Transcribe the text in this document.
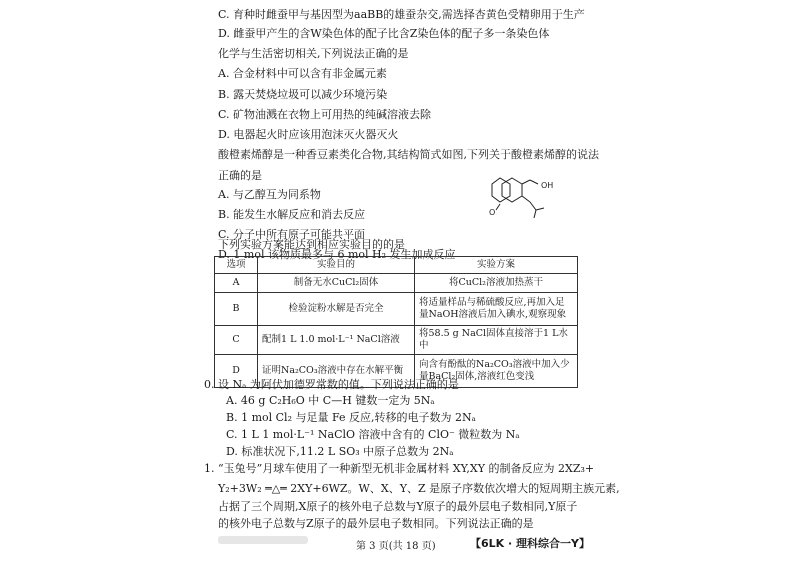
C. 育种时雌蚕甲与基因型为aaBB的雄蚕杂交,需选择杏黄色受精卵用于生产
D. 雌蚕甲产生的含W染色体的配子比含Z染色体的配子多一条染色体
化学与生活密切相关,下列说法正确的是
A. 合金材料中可以含有非金属元素
B. 露天焚烧垃圾可以减少环境污染
C. 矿物油溅在衣物上可用热的纯碱溶液去除
D. 电器起火时应该用泡沫灭火器灭火
酸橙素烯醇是一种香豆素类化合物,其结构简式如图,下列关于酸橙素烯醇的说法
正确的是
A. 与乙醇互为同系物
B. 能发生水解反应和消去反应
C. 分子中所有原子可能共平面
D. 1 mol 该物质最多与 6 mol H₂ 发生加成反应
OH
O
选项	实验目的	实验方案
A	制备无水CuCl₂固体	将CuCl₂溶液加热蒸干
B	检验淀粉水解是否完全	将适量样品与稀硫酸反应,再加入足量NaOH溶液后加入碘水,观察现象
C	配制1 L 1.0 mol·L⁻¹ NaCl溶液	将58.5 g NaCl固体直接溶于1 L水中
D	证明Na₂CO₃溶液中存在水解平衡	向含有酚酞的Na₂CO₃溶液中加入少量BaCl₂固体,溶液红色变浅
下列实验方案能达到相应实验目的的是
0. 设 Nₐ 为阿伏加德罗常数的值。下列说法正确的是
A. 46 g C₂H₆O 中 C—H 键数一定为 5Nₐ
B. 1 mol Cl₂ 与足量 Fe 反应,转移的电子数为 2Nₐ
C. 1 L 1 mol·L⁻¹ NaClO 溶液中含有的 ClO⁻ 微粒数为 Nₐ
D. 标准状况下,11.2 L SO₃ 中原子总数为 2Nₐ
1. “玉兔号”月球车使用了一种新型无机非金属材料 XY,XY 的制备反应为 2XZ₃+
Y₂+3W₂ ═△═ 2XY+6WZ。W、X、Y、Z 是原子序数依次增大的短周期主族元素,
占据了三个周期,X原子的核外电子总数与Y原子的最外层电子数相同,Y原子
的核外电子总数与Z原子的最外层电子数相同。下列说法正确的是
第 3 页(共 18 页)	【6LK · 理科综合一Y】
